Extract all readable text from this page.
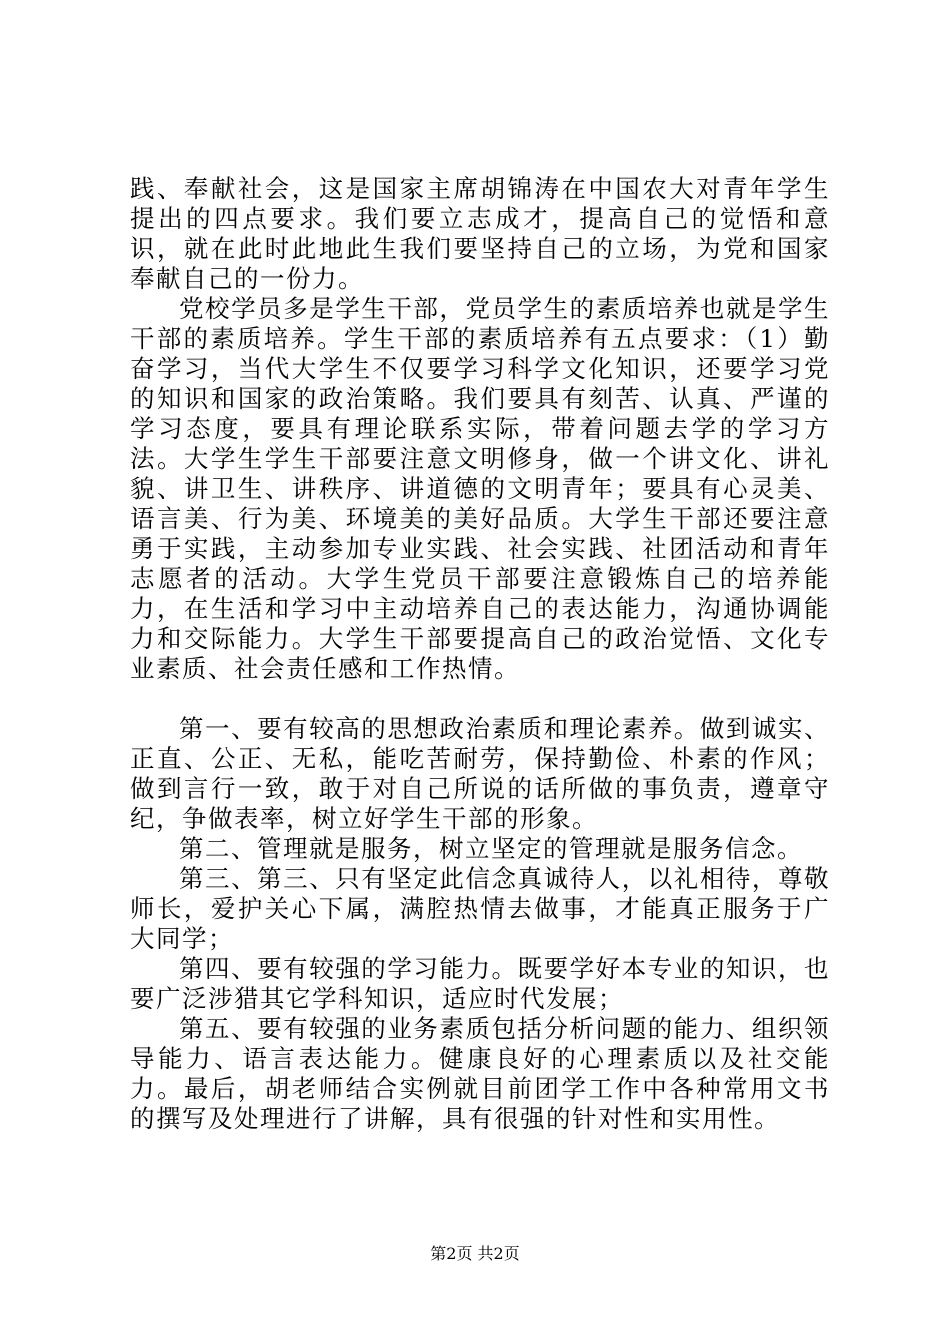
践、奉献社会，这是国家主席胡锦涛在中国农大对青年学生提出的四点要求。我们要立志成才，提高自己的觉悟和意识，就在此时此地此生我们要坚持自己的立场，为党和国家奉献自己的一份力。

党校学员多是学生干部，党员学生的素质培养也就是学生干部的素质培养。学生干部的素质培养有五点要求：（1）勤奋学习，当代大学生不仅要学习科学文化知识，还要学习党的知识和国家的政治策略。我们要具有刻苦、认真、严谨的学习态度，要具有理论联系实际，带着问题去学的学习方法。大学生学生干部要注意文明修身，做一个讲文化、讲礼貌、讲卫生、讲秩序、讲道德的文明青年；要具有心灵美、语言美、行为美、环境美的美好品质。大学生干部还要注意勇于实践，主动参加专业实践、社会实践、社团活动和青年志愿者的活动。大学生党员干部要注意锻炼自己的培养能力，在生活和学习中主动培养自己的表达能力，沟通协调能力和交际能力。大学生干部要提高自己的政治觉悟、文化专业素质、社会责任感和工作热情。

第一、要有较高的思想政治素质和理论素养。做到诚实、正直、公正、无私，能吃苦耐劳，保持勤俭、朴素的作风；做到言行一致，敢于对自己所说的话所做的事负责，遵章守纪，争做表率，树立好学生干部的形象。

第二、管理就是服务，树立坚定的管理就是服务信念。

第三、第三、只有坚定此信念真诚待人，以礼相待，尊敬师长，爱护关心下属，满腔热情去做事，才能真正服务于广大同学；

第四、要有较强的学习能力。既要学好本专业的知识，也要广泛涉猎其它学科知识，适应时代发展；

第五、要有较强的业务素质包括分析问题的能力、组织领导能力、语言表达能力。健康良好的心理素质以及社交能力。最后，胡老师结合实例就目前团学工作中各种常用文书的撰写及处理进行了讲解，具有很强的针对性和实用性。

第2页 共2页
